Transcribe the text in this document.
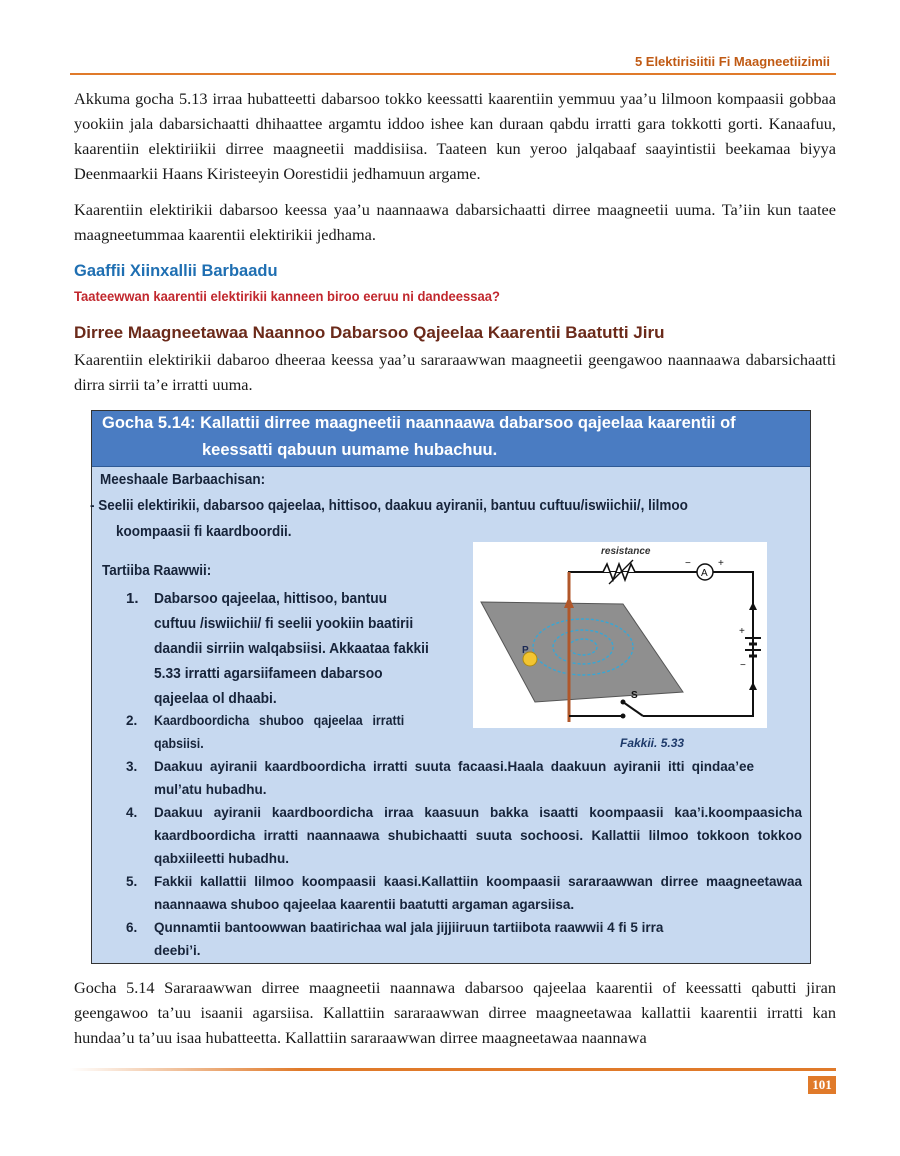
5 Elektirisiitii Fi Maagneetiizimii

Akkuma gocha 5.13 irraa hubatteetti dabarsoo tokko keessatti kaarentiin yemmuu yaa’u lilmoon kompaasii gobbaa yookiin jala dabarsichaatti dhihaattee argamtu iddoo ishee kan duraan qabdu irratti gara tokkotti gorti. Kanaafuu, kaarentiin elektiriikii dirree maagneetii maddisiisa. Taateen kun yeroo jalqabaaf saayintistii beekamaa biyya Deenmaarkii Haans Kiristeeyin Oorestidii jedhamuun argame.

Kaarentiin elektirikii dabarsoo keessa yaa’u naannaawa dabarsichaatti dirree maagneetii uuma. Ta’iin kun taatee maagneetummaa kaarentii elektirikii jedhama.

Gaaffii Xiinxallii Barbaadu
Taateewwan kaarentii elektirikii kanneen biroo eeruu ni dandeessaa?
Dirree Maagneetawaa Naannoo Dabarsoo Qajeelaa Kaarentii Baatutti Jiru

Kaarentiin elektirikii dabaroo dheeraa keessa yaa’u sararaawwan maagneetii geengawoo naannaawa dabarsichaatti dirra sirrii ta’e irratti uuma.

Gocha 5.14: Kallattii dirree maagneetii naannaawa dabarsoo qajeelaa kaarentii of
keessatti qabuun uumame hubachuu.
Meeshaale Barbaachisan:
- Seelii elektirikii, dabarsoo qajeelaa, hittisoo, daakuu ayiranii, bantuu cuftuu/iswiichii/, lilmoo
koompaasii fi kaardboordii.
Tartiiba Raawwii:
1.	Dabarsoo qajeelaa, hittisoo, bantuu cuftuu /iswiichii/ fi seelii yookiin baatirii daandii sirriin walqabsiisi. Akkaataa fakkii 5.33 irratti agarsiifameen dabarsoo qajeelaa ol dhaabi.
2.	Kaardboordicha shuboo qajeelaa irratti qabsiisi.
3.	Daakuu ayiranii kaardboordicha irratti suuta facaasi.Haala daakuun ayiranii itti qindaa’ee mul’atu hubadhu.
4.	Daakuu ayiranii kaardboordicha irraa kaasuun bakka isaatti koompaasii kaa’i.koompaasicha kaardboordicha irratti naannaawa shubichaatti suuta sochoosi. Kallattii lilmoo tokkoon tokkoo qabxiileetti hubadhu.
5.	Fakkii kallattii lilmoo koompaasii kaasi.Kallattiin koompaasii sararaawwan dirree maagneetawaa naannaawa shuboo qajeelaa kaarentii baatutti argaman agarsiisa.
6.	Qunnamtii bantoowwan baatirichaa wal jala jijjiiruun tartiibota raawwii 4 fi 5 irra deebi’i.
P
resistance
A
−	+
+
−
S
Fakkii. 5.33

Gocha 5.14 Sararaawwan dirree maagneetii naannawa dabarsoo qajeelaa kaarentii of keessatti qabutti jiran geengawoo ta’uu isaanii agarsiisa. Kallattiin sararaawwan dirree maagneetawaa kallattii kaarentii irratti kan hundaa’u ta’uu isaa hubatteetta. Kallattiin sararaawwan dirree maagneetawaa naannawa

101
